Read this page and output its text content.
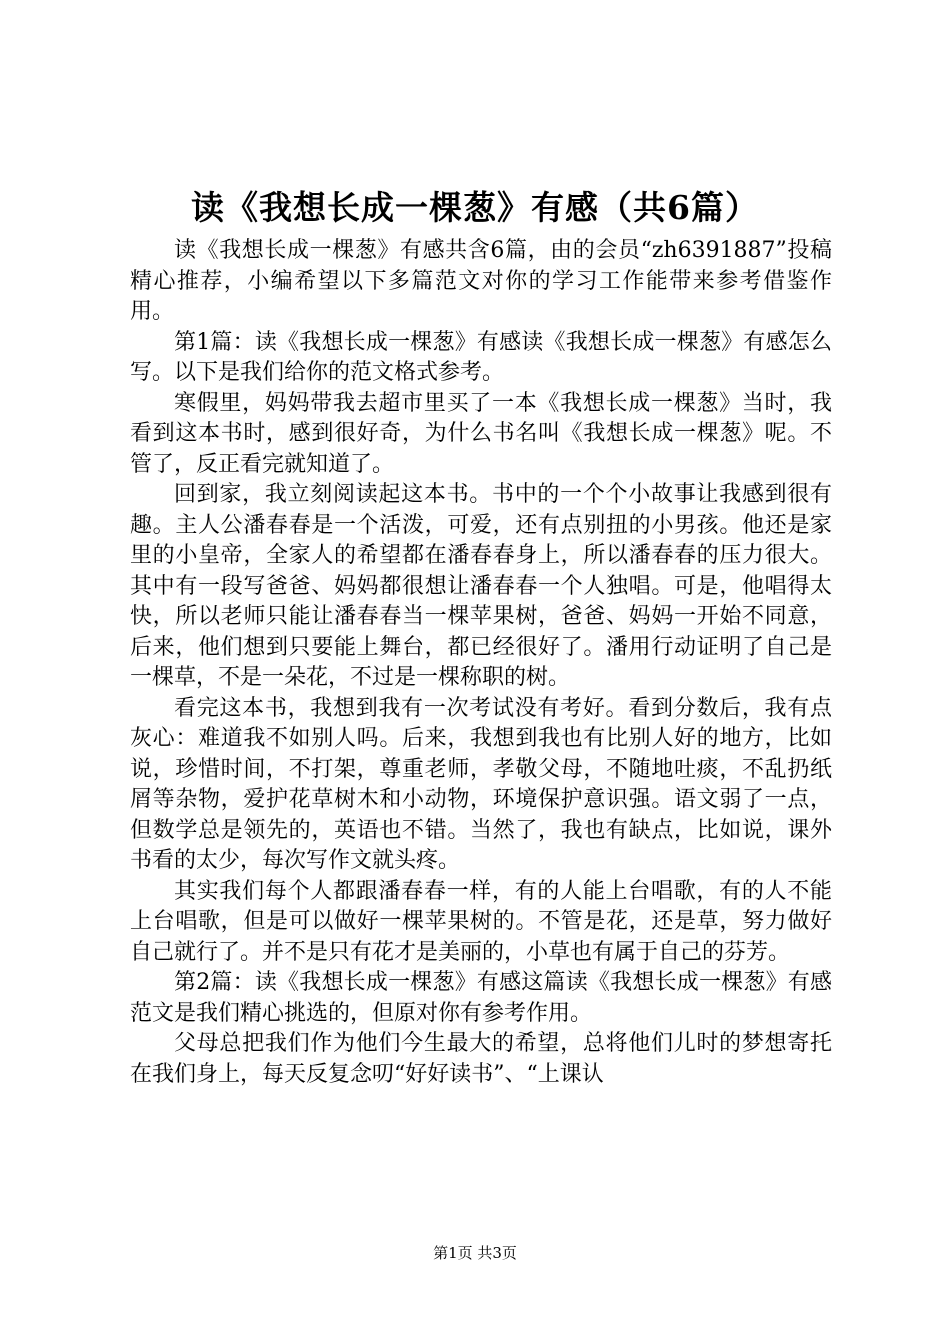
读《我想长成一棵葱》有感（共6篇）

读《我想长成一棵葱》有感共含6篇，由的会员“zh6391887”投稿精心推荐，小编希望以下多篇范文对你的学习工作能带来参考借鉴作用。

第1篇：读《我想长成一棵葱》有感读《我想长成一棵葱》有感怎么写。以下是我们给你的范文格式参考。

寒假里，妈妈带我去超市里买了一本《我想长成一棵葱》当时，我看到这本书时，感到很好奇，为什么书名叫《我想长成一棵葱》呢。不管了，反正看完就知道了。

回到家，我立刻阅读起这本书。书中的一个个小故事让我感到很有趣。主人公潘春春是一个活泼，可爱，还有点别扭的小男孩。他还是家里的小皇帝，全家人的希望都在潘春春身上，所以潘春春的压力很大。其中有一段写爸爸、妈妈都很想让潘春春一个人独唱。可是，他唱得太快，所以老师只能让潘春春当一棵苹果树，爸爸、妈妈一开始不同意，后来，他们想到只要能上舞台，都已经很好了。潘用行动证明了自己是一棵草，不是一朵花，不过是一棵称职的树。

看完这本书，我想到我有一次考试没有考好。看到分数后，我有点灰心：难道我不如别人吗。后来，我想到我也有比别人好的地方，比如说，珍惜时间，不打架，尊重老师，孝敬父母，不随地吐痰，不乱扔纸屑等杂物，爱护花草树木和小动物，环境保护意识强。语文弱了一点，但数学总是领先的，英语也不错。当然了，我也有缺点，比如说，课外书看的太少，每次写作文就头疼。

其实我们每个人都跟潘春春一样，有的人能上台唱歌，有的人不能上台唱歌，但是可以做好一棵苹果树的。不管是花，还是草，努力做好自己就行了。并不是只有花才是美丽的，小草也有属于自己的芬芳。

第2篇：读《我想长成一棵葱》有感这篇读《我想长成一棵葱》有感范文是我们精心挑选的，但原对你有参考作用。

父母总把我们作为他们今生最大的希望，总将他们儿时的梦想寄托在我们身上，每天反复念叨“好好读书”、“上课认

第1页 共3页
